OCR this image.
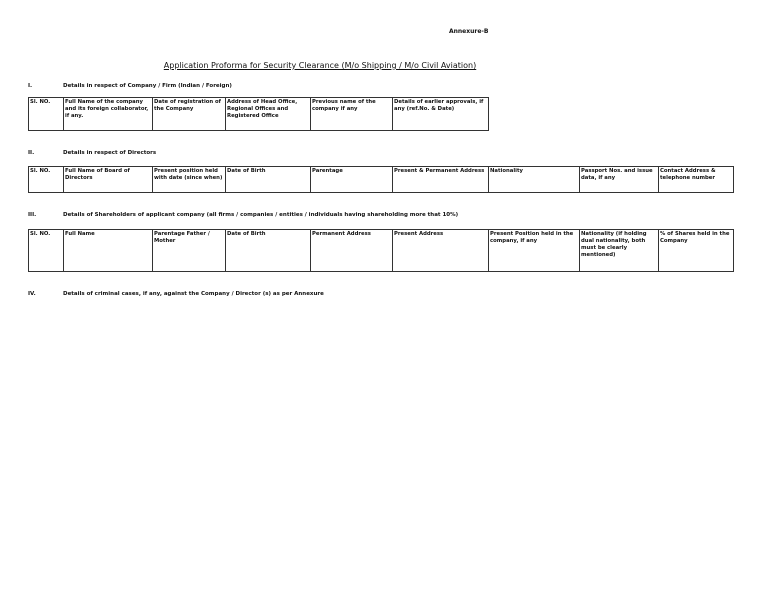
Annexure-B
Application Proforma for Security Clearance (M/o Shipping / M/o Civil Aviation)
I.	Details in respect of Company / Firm (Indian / Foreign)
Sl. NO.	Full Name of the company and its foreign collaborator, if any.	Date of registration of the Company	Address of Head Office, Regional Offices and Registered Office	Previous name of the company if any	Details of earlier approvals, if any (ref.No. & Date)
II.	Details in respect of Directors
Sl. NO.	Full Name of Board of Directors	Present position held with date (since when)	Date of Birth	Parentage	Present & Permanent Address	Nationality	Passport Nos. and issue data, if any	Contact Address & telephone number
III.	Details of Shareholders of applicant company (all firms / companies / entities / individuals having shareholding more that 10%)
Sl. NO.	Full Name	Parentage Father / Mother	Date of Birth	Permanent Address	Present Address	Present Position held in the company, if any	Nationality (if holding dual nationality, both must be clearly mentioned)	% of Shares held in the Company
IV.	Details of criminal cases, if any, against the Company / Director (s) as per Annexure
